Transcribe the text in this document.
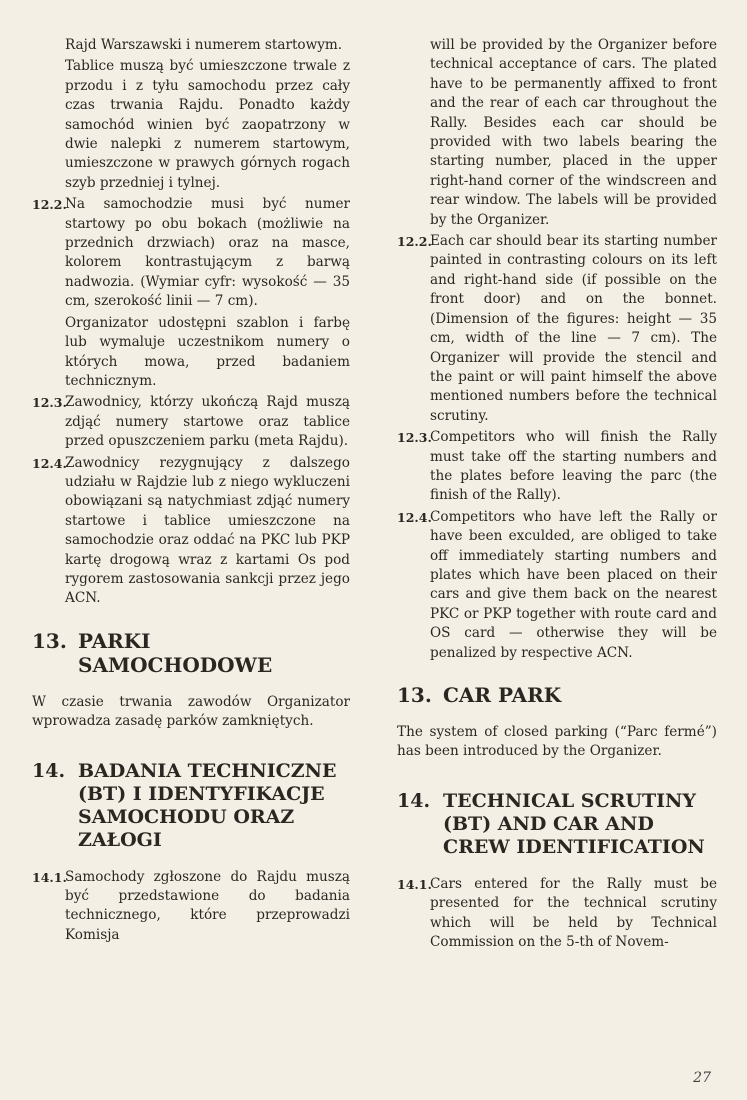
Rajd Warszawski i numerem startowym.

Tablice muszą być umieszczone trwale z przodu i z tyłu samochodu przez cały czas trwania Rajdu. Ponadto każdy samochód winien być zaopatrzony w dwie nalepki z numerem startowym, umieszczone w prawych górnych rogach szyb przedniej i tylnej.

12.2.
Na samochodzie musi być numer startowy po obu bokach (możliwie na przednich drzwiach) oraz na masce, kolorem kontrastującym z barwą nadwozia. (Wymiar cyfr: wysokość — 35 cm, szerokość linii — 7 cm).
Organizator udostępni szablon i farbę lub wymaluje uczestnikom numery o których mowa, przed badaniem technicznym.
12.3.
Zawodnicy, którzy ukończą Rajd muszą zdjąć numery startowe oraz tablice przed opuszczeniem parku (meta Rajdu).
12.4.
Zawodnicy rezygnujący z dalszego udziału w Rajdzie lub z niego wykluczeni obowiązani są natychmiast zdjąć numery startowe i tablice umieszczone na samochodzie oraz oddać na PKC lub PKP kartę drogową wraz z kartami Os pod rygorem zastosowania sankcji przez jego ACN.
13. PARKI SAMOCHODOWE

W czasie trwania zawodów Organizator wprowadza zasadę parków zamkniętych.

14. BADANIA TECHNICZNE (BT) I IDENTYFIKACJE SAMOCHODU ORAZ ZAŁOGI
14.1.
Samochody zgłoszone do Rajdu muszą być przedstawione do badania technicznego, które przeprowadzi Komisja

will be provided by the Organizer before technical acceptance of cars. The plated have to be permanently affixed to front and the rear of each car throughout the Rally. Besides each car should be provided with two labels bearing the starting number, placed in the upper right-hand corner of the windscreen and rear window. The labels will be provided by the Organizer.

12.2.
Each car should bear its starting number painted in contrasting colours on its left and right-hand side (if possible on the front door) and on the bonnet. (Dimension of the figures: height — 35 cm, width of the line — 7 cm). The Organizer will provide the stencil and the paint or will paint himself the above mentioned numbers before the technical scrutiny.
12.3.
Competitors who will finish the Rally must take off the starting numbers and the plates before leaving the parc (the finish of the Rally).
12.4.
Competitors who have left the Rally or have been exculded, are obliged to take off immediately starting numbers and plates which have been placed on their cars and give them back on the nearest PKC or PKP together with route card and OS card — otherwise they will be penalized by respective ACN.
13. CAR PARK

The system of closed parking (“Parc fermé”) has been introduced by the Organizer.

14. TECHNICAL SCRUTINY (BT) AND CAR AND CREW IDENTIFICATION
14.1.
Cars entered for the Rally must be presented for the technical scrutiny which will be held by Technical Commission on the 5-th of Novem-
27
